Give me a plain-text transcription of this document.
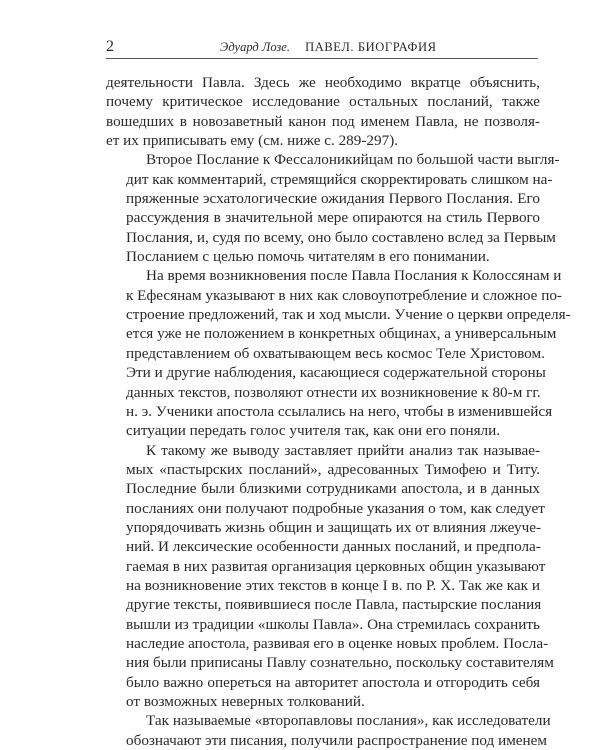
2	Эдуард Лозе. ПАВЕЛ. БИОГРАФИЯ

деятельности Павла. Здесь же необходимо вкратце объяснить,
почему критическое исследование остальных посланий, также
вошедших в новозаветный канон под именем Павла, не позволя-
ет их приписывать ему (см. ниже с. 289-297).

Второе Послание к Фессалоникийцам по большой части выгля-
дит как комментарий, стремящийся скорректировать слишком на-
пряженные эсхатологические ожидания Первого Послания. Его
рассуждения в значительной мере опираются на стиль Первого
Послания, и, судя по всему, оно было составлено вслед за Первым
Посланием с целью помочь читателям в его понимании.

На время возникновения после Павла Послания к Колоссянам и
к Ефесянам указывают в них как словоупотребление и сложное по-
строение предложений, так и ход мысли. Учение о церкви определя-
ется уже не положением в конкретных общинах, а универсальным
представлением об охватывающем весь космос Теле Христовом.
Эти и другие наблюдения, касающиеся содержательной стороны
данных текстов, позволяют отнести их возникновение к 80-м гг.
н. э. Ученики апостола ссылались на него, чтобы в изменившейся
ситуации передать голос учителя так, как они его поняли.

К такому же выводу заставляет прийти анализ так называе-
мых «пастырских посланий», адресованных Тимофею и Титу.
Последние были близкими сотрудниками апостола, и в данных
посланиях они получают подробные указания о том, как следует
упорядочивать жизнь общин и защищать их от влияния лжеуче-
ний. И лексические особенности данных посланий, и предпола-
гаемая в них развитая организация церковных общин указывают
на возникновение этих текстов в конце I в. по Р. Х. Так же как и
другие тексты, появившиеся после Павла, пастырские послания
вышли из традиции «школы Павла». Она стремилась сохранить
наследие апостола, развивая его в оценке новых проблем. Посла-
ния были приписаны Павлу сознательно, поскольку составителям
было важно опереться на авторитет апостола и отгородить себя
от возможных неверных толкований.

Так называемые «второпавловы послания», как исследователи
обозначают эти писания, получили распространение под именем
